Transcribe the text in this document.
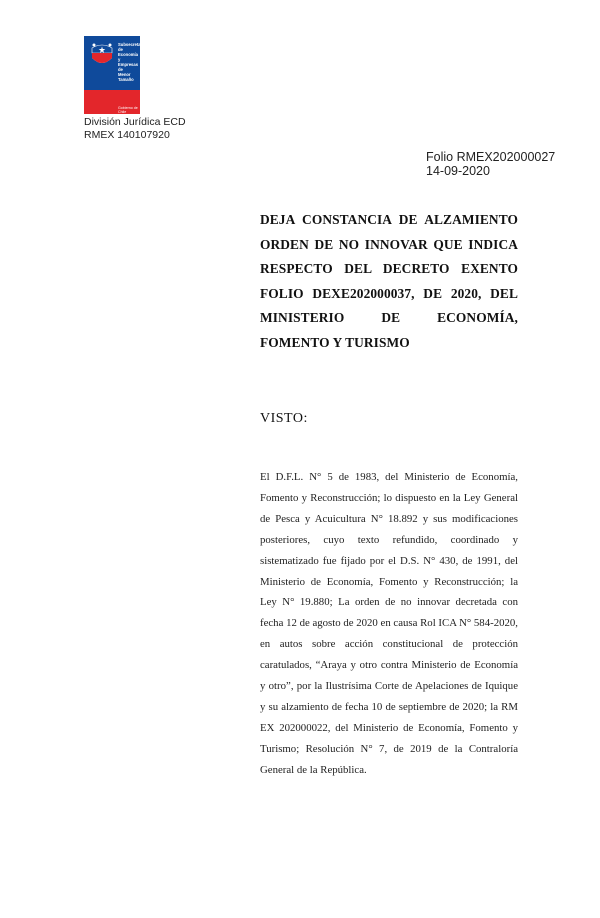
Subsecretaría
de Economía y
Empresas de
Menor Tamaño
Gobierno de Chile
División Jurídica ECD
RMEX 140107920
Folio RMEX202000027
14-09-2020
DEJA CONSTANCIA DE ALZAMIENTO ORDEN DE NO INNOVAR QUE INDICA RESPECTO DEL DECRETO EXENTO FOLIO DEXE202000037, DE 2020, DEL MINISTERIO DE ECONOMÍA, FOMENTO Y TURISMO
VISTO:
El D.F.L. N° 5 de 1983, del Ministerio de Economía, Fomento y Reconstrucción; lo dispuesto en la Ley General de Pesca y Acuicultura N° 18.892 y sus modificaciones posteriores, cuyo texto refundido, coordinado y sistematizado fue fijado por el D.S. N° 430, de 1991, del Ministerio de Economía, Fomento y Reconstrucción; la Ley N° 19.880; La orden de no innovar decretada con fecha 12 de agosto de 2020 en causa Rol ICA N° 584-2020, en autos sobre acción constitucional de protección caratulados, “Araya y otro contra Ministerio de Economía y otro”, por la Ilustrísima Corte de Apelaciones de Iquique y su alzamiento de fecha 10 de septiembre de 2020; la RM EX 202000022, del Ministerio de Economía, Fomento y Turismo; Resolución N° 7, de 2019 de la Contraloría General de la República.
